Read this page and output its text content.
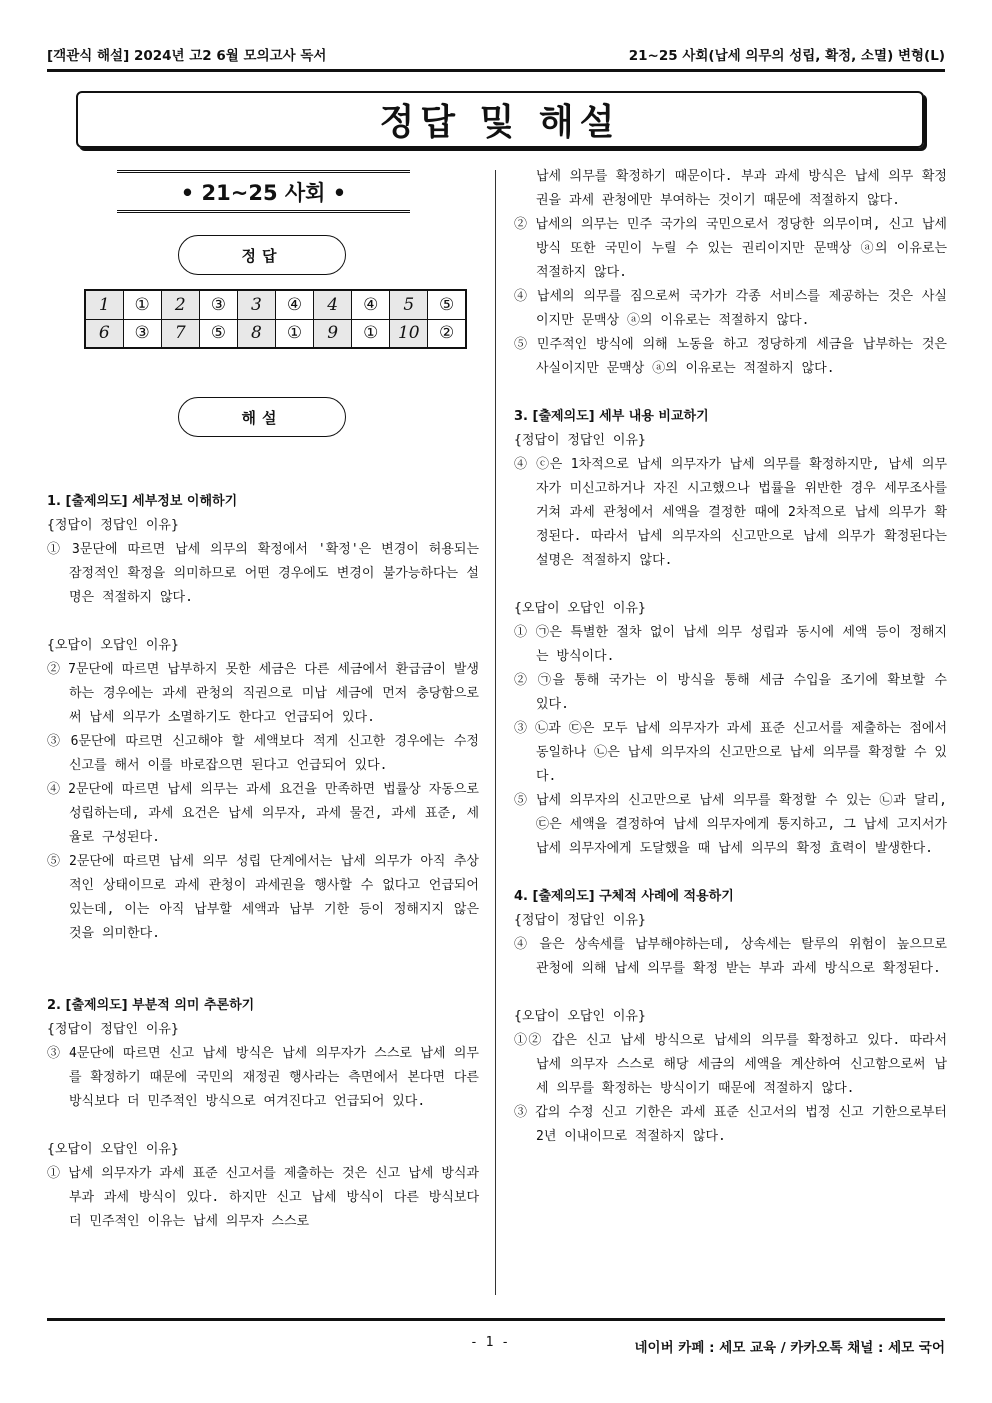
[객관식 해설] 2024년 고2 6월 모의고사 독서	21~25 사회(납세 의무의 성립, 확정, 소멸) 변형(L)
정답 및 해설
• 21~25 사회 •
정답
1	①	2	③	3	④	4	④	5	⑤
6	③	7	⑤	8	①	9	①	10	②
해설
1. [출제의도] 세부정보 이해하기
{정답이 정답인 이유}
① 3문단에 따르면 납세 의무의 확정에서 '확정'은 변경이 허용되는 잠정적인 확정을 의미하므로 어떤 경우에도 변경이 불가능하다는 설명은 적절하지 않다.
{오답이 오답인 이유}
② 7문단에 따르면 납부하지 못한 세금은 다른 세금에서 환급금이 발생하는 경우에는 과세 관청의 직권으로 미납 세금에 먼저 충당함으로써 납세 의무가 소멸하기도 한다고 언급되어 있다.
③ 6문단에 따르면 신고해야 할 세액보다 적게 신고한 경우에는 수정 신고를 해서 이를 바로잡으면 된다고 언급되어 있다.
④ 2문단에 따르면 납세 의무는 과세 요건을 만족하면 법률상 자동으로 성립하는데, 과세 요건은 납세 의무자, 과세 물건, 과세 표준, 세율로 구성된다.
⑤ 2문단에 따르면 납세 의무 성립 단계에서는 납세 의무가 아직 추상적인 상태이므로 과세 관청이 과세권을 행사할 수 없다고 언급되어 있는데, 이는 아직 납부할 세액과 납부 기한 등이 정해지지 않은 것을 의미한다.
2. [출제의도] 부분적 의미 추론하기
{정답이 정답인 이유}
③ 4문단에 따르면 신고 납세 방식은 납세 의무자가 스스로 납세 의무를 확정하기 때문에 국민의 재정권 행사라는 측면에서 본다면 다른 방식보다 더 민주적인 방식으로 여겨진다고 언급되어 있다.
{오답이 오답인 이유}
① 납세 의무자가 과세 표준 신고서를 제출하는 것은 신고 납세 방식과 부과 과세 방식이 있다. 하지만 신고 납세 방식이 다른 방식보다 더 민주적인 이유는 납세 의무자 스스로
납세 의무를 확정하기 때문이다. 부과 과세 방식은 납세 의무 확정권을 과세 관청에만 부여하는 것이기 때문에 적절하지 않다.
② 납세의 의무는 민주 국가의 국민으로서 정당한 의무이며, 신고 납세 방식 또한 국민이 누릴 수 있는 권리이지만 문맥상 ⓐ의 이유로는 적절하지 않다.
④ 납세의 의무를 짐으로써 국가가 각종 서비스를 제공하는 것은 사실이지만 문맥상 ⓐ의 이유로는 적절하지 않다.
⑤ 민주적인 방식에 의해 노동을 하고 정당하게 세금을 납부하는 것은 사실이지만 문맥상 ⓐ의 이유로는 적절하지 않다.
3. [출제의도] 세부 내용 비교하기
{정답이 정답인 이유}
④ ⓒ은 1차적으로 납세 의무자가 납세 의무를 확정하지만, 납세 의무자가 미신고하거나 자진 시고했으나 법률을 위반한 경우 세무조사를 거쳐 과세 관청에서 세액을 결정한 때에 2차적으로 납세 의무가 확정된다. 따라서 납세 의무자의 신고만으로 납세 의무가 확정된다는 설명은 적절하지 않다.
{오답이 오답인 이유}
① ㉠은 특별한 절차 없이 납세 의무 성립과 동시에 세액 등이 정해지는 방식이다.
② ㉠을 통해 국가는 이 방식을 통해 세금 수입을 조기에 확보할 수 있다.
③ ㉡과 ㉢은 모두 납세 의무자가 과세 표준 신고서를 제출하는 점에서 동일하나 ㉡은 납세 의무자의 신고만으로 납세 의무를 확정할 수 있다.
⑤ 납세 의무자의 신고만으로 납세 의무를 확정할 수 있는 ㉡과 달리, ㉢은 세액을 결정하여 납세 의무자에게 통지하고, 그 납세 고지서가 납세 의무자에게 도달했을 때 납세 의무의 확정 효력이 발생한다.
4. [출제의도] 구체적 사례에 적용하기
{정답이 정답인 이유}
④ 을은 상속세를 납부해야하는데, 상속세는 탈루의 위험이 높으므로 관청에 의해 납세 의무를 확정 받는 부과 과세 방식으로 확정된다.
{오답이 오답인 이유}
①② 갑은 신고 납세 방식으로 납세의 의무를 확정하고 있다. 따라서 납세 의무자 스스로 해당 세금의 세액을 계산하여 신고함으로써 납세 의무를 확정하는 방식이기 때문에 적절하지 않다.
③ 갑의 수정 신고 기한은 과세 표준 신고서의 법정 신고 기한으로부터 2년 이내이므로 적절하지 않다.
- 1 -	네이버 카페 : 세모 교육 / 카카오톡 채널 : 세모 국어
